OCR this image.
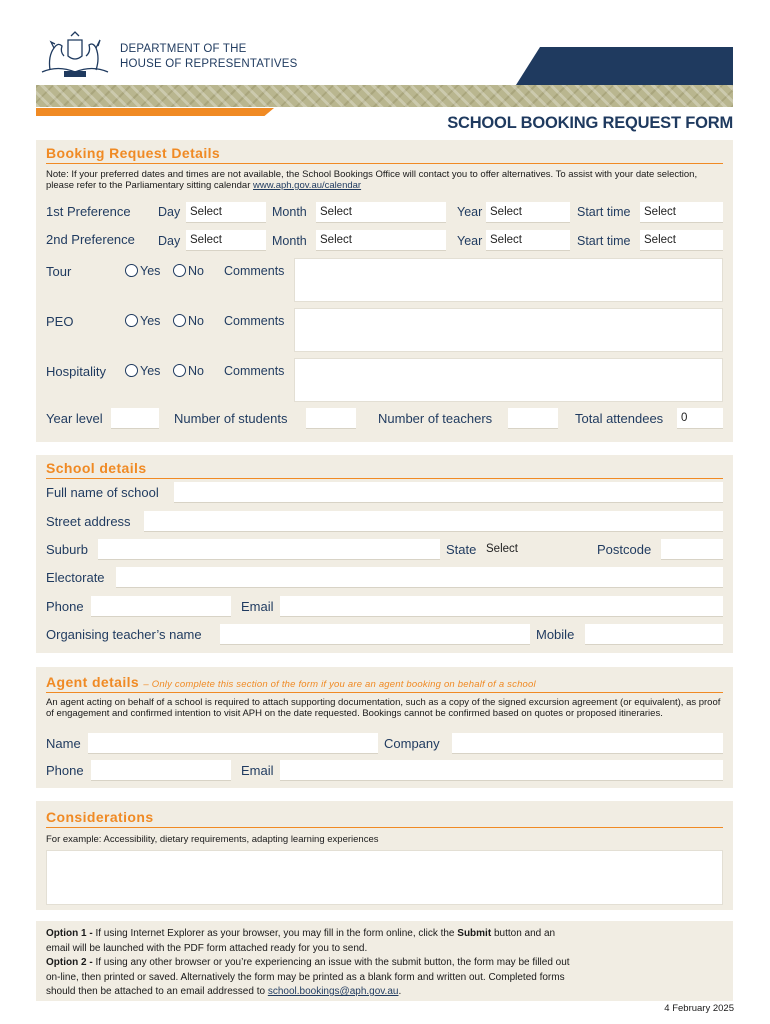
DEPARTMENT OF THE
HOUSE OF REPRESENTATIVES
SCHOOL BOOKING REQUEST FORM
Booking Request Details
Note: If your preferred dates and times are not available, the School Bookings Office will contact you to offer alternatives. To assist with your date selection, please refer to the Parliamentary sitting calendar www.aph.gov.au/calendar
1st Preference Day Select	Month	Select	Year Select	Start time	Select
2nd Preference Day Select	Month	Select	Year Select	Start time	Select
Tour	Yes No Comments
PEO	Yes No Comments
Hospitality	Yes No Comments
Year level	Number of students	Number of teachers	Total attendees	0
School details
Full name of school
Street address
Suburb	State Select	Postcode
Electorate
Phone	Email
Organising teacher’s name	Mobile
Agent details – Only complete this section of the form if you are an agent booking on behalf of a school
An agent acting on behalf of a school is required to attach supporting documentation, such as a copy of the signed excursion agreement (or equivalent), as proof of engagement and confirmed intention to visit APH on the date requested. Bookings cannot be confirmed based on quotes or proposed itineraries.
Name	Company
Phone	Email
Considerations
For example: Accessibility, dietary requirements, adapting learning experiences
Option 1 - If using Internet Explorer as your browser, you may fill in the form online, click the Submit button and an email will be launched with the PDF form attached ready for you to send.
Option 2 - If using any other browser or you’re experiencing an issue with the submit button, the form may be filled out on-line, then printed or saved. Alternatively the form may be printed as a blank form and written out. Completed forms should then be attached to an email addressed to school.bookings@aph.gov.au.
4 February 2025
